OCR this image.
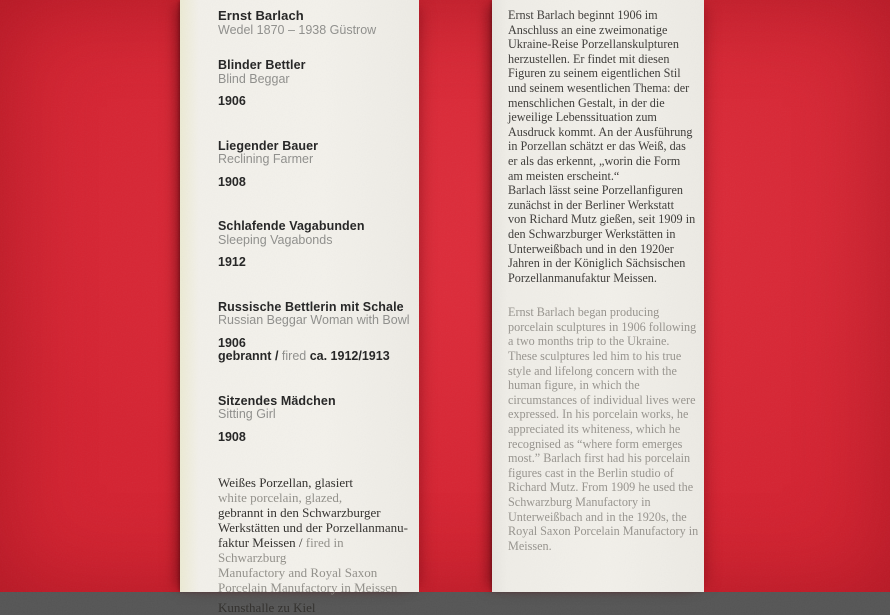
Ernst Barlach
Wedel 1870 – 1938 Güstrow
Blinder Bettler
Blind Beggar
1906
Liegender Bauer
Reclining Farmer
1908
Schlafende Vagabunden
Sleeping Vagabonds
1912
Russische Bettlerin mit Schale
Russian Beggar Woman with Bowl
1906
gebrannt / fired ca. 1912/1913
Sitzendes Mädchen
Sitting Girl
1908
Weißes Porzellan, glasiert
white porcelain, glazed,
gebrannt in den Schwarzburger
Werkstätten und der Porzellanmanu-
faktur Meissen / fired in Schwarzburg
Manufactory and Royal Saxon
Porcelain Manufactory in Meissen
Kunsthalle zu Kiel
Ernst Barlach beginnt 1906 im
Anschluss an eine zweimonatige
Ukraine-Reise Porzellanskulpturen
herzustellen. Er findet mit diesen
Figuren zu seinem eigentlichen Stil
und seinem wesentlichen Thema: der
menschlichen Gestalt, in der die
jeweilige Lebenssituation zum
Ausdruck kommt. An der Ausführung
in Porzellan schätzt er das Weiß, das
er als das erkennt, „worin die Form
am meisten erscheint.“
Barlach lässt seine Porzellanfiguren
zunächst in der Berliner Werkstatt
von Richard Mutz gießen, seit 1909 in
den Schwarzburger Werkstätten in
Unterweißbach und in den 1920er
Jahren in der Königlich Sächsischen
Porzellanmanufaktur Meissen.
Ernst Barlach began producing
porcelain sculptures in 1906 following
a two months trip to the Ukraine.
These sculptures led him to his true
style and lifelong concern with the
human figure, in which the
circumstances of individual lives were
expressed. In his porcelain works, he
appreciated its whiteness, which he
recognised as “where form emerges
most.” Barlach first had his porcelain
figures cast in the Berlin studio of
Richard Mutz. From 1909 he used the
Schwarzburg Manufactory in
Unterweißbach and in the 1920s, the
Royal Saxon Porcelain Manufactory in
Meissen.
